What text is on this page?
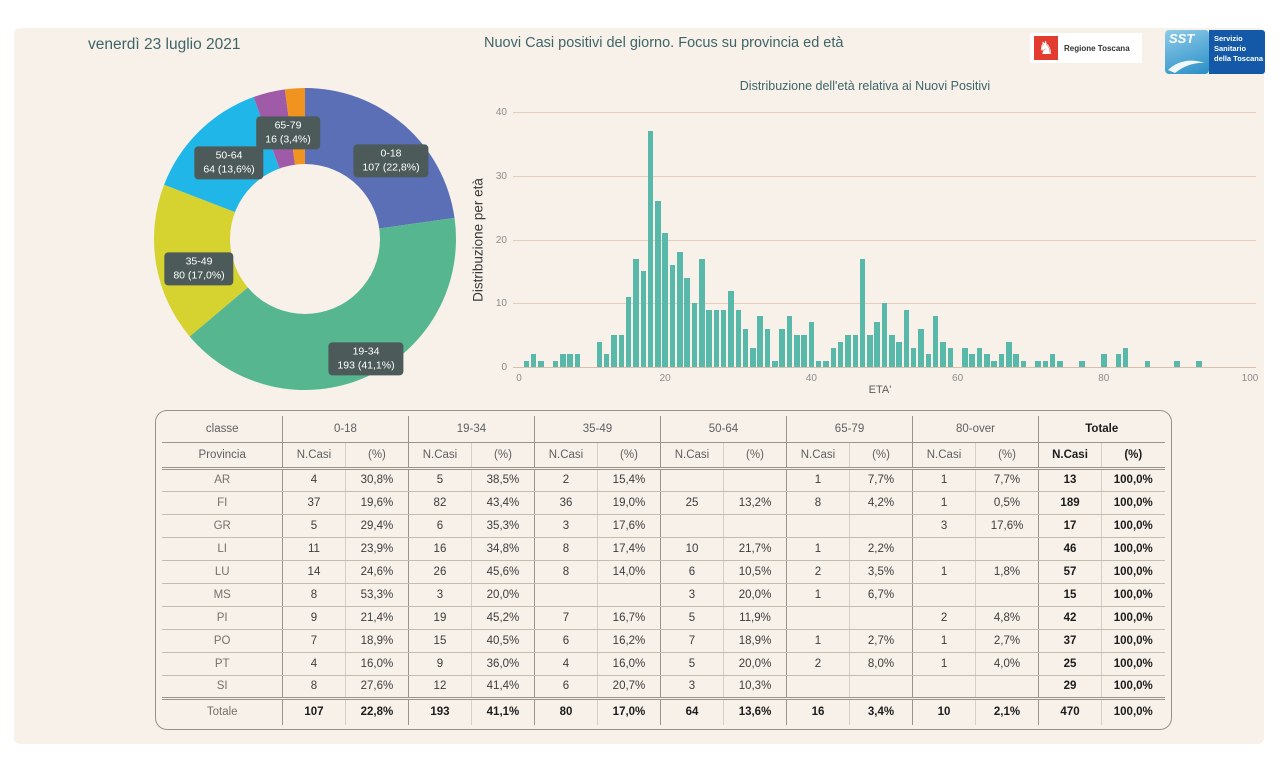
venerdì 23 luglio 2021	Nuovi Casi positivi del giorno. Focus su provincia ed età	♞	Regione Toscana
SST	Servizio Sanitario della Toscana
0-18
107 (22,8%)
19-34
193 (41,1%)
35-49
80 (17,0%)
50-64
64 (13,6%)
65-79
16 (3,4%)
Distribuzione dell'età relativa ai Nuovi Positivi
Distribuzione per età
ETA'
0
10
20
30
40
0	20	40	60	80	100
classe	0-18		19-34		35-49		50-64		65-79		80-over		Totale	
Provincia	N.Casi	(%)	N.Casi	(%)	N.Casi	(%)	N.Casi	(%)	N.Casi	(%)	N.Casi	(%)	N.Casi	(%)
AR	4	30,8%	5	38,5%	2	15,4%			1	7,7%	1	7,7%	13	100,0%
FI	37	19,6%	82	43,4%	36	19,0%	25	13,2%	8	4,2%	1	0,5%	189	100,0%
GR	5	29,4%	6	35,3%	3	17,6%					3	17,6%	17	100,0%
LI	11	23,9%	16	34,8%	8	17,4%	10	21,7%	1	2,2%			46	100,0%
LU	14	24,6%	26	45,6%	8	14,0%	6	10,5%	2	3,5%	1	1,8%	57	100,0%
MS	8	53,3%	3	20,0%			3	20,0%	1	6,7%			15	100,0%
PI	9	21,4%	19	45,2%	7	16,7%	5	11,9%			2	4,8%	42	100,0%
PO	7	18,9%	15	40,5%	6	16,2%	7	18,9%	1	2,7%	1	2,7%	37	100,0%
PT	4	16,0%	9	36,0%	4	16,0%	5	20,0%	2	8,0%	1	4,0%	25	100,0%
SI	8	27,6%	12	41,4%	6	20,7%	3	10,3%					29	100,0%
Totale	107	22,8%	193	41,1%	80	17,0%	64	13,6%	16	3,4%	10	2,1%	470	100,0%
